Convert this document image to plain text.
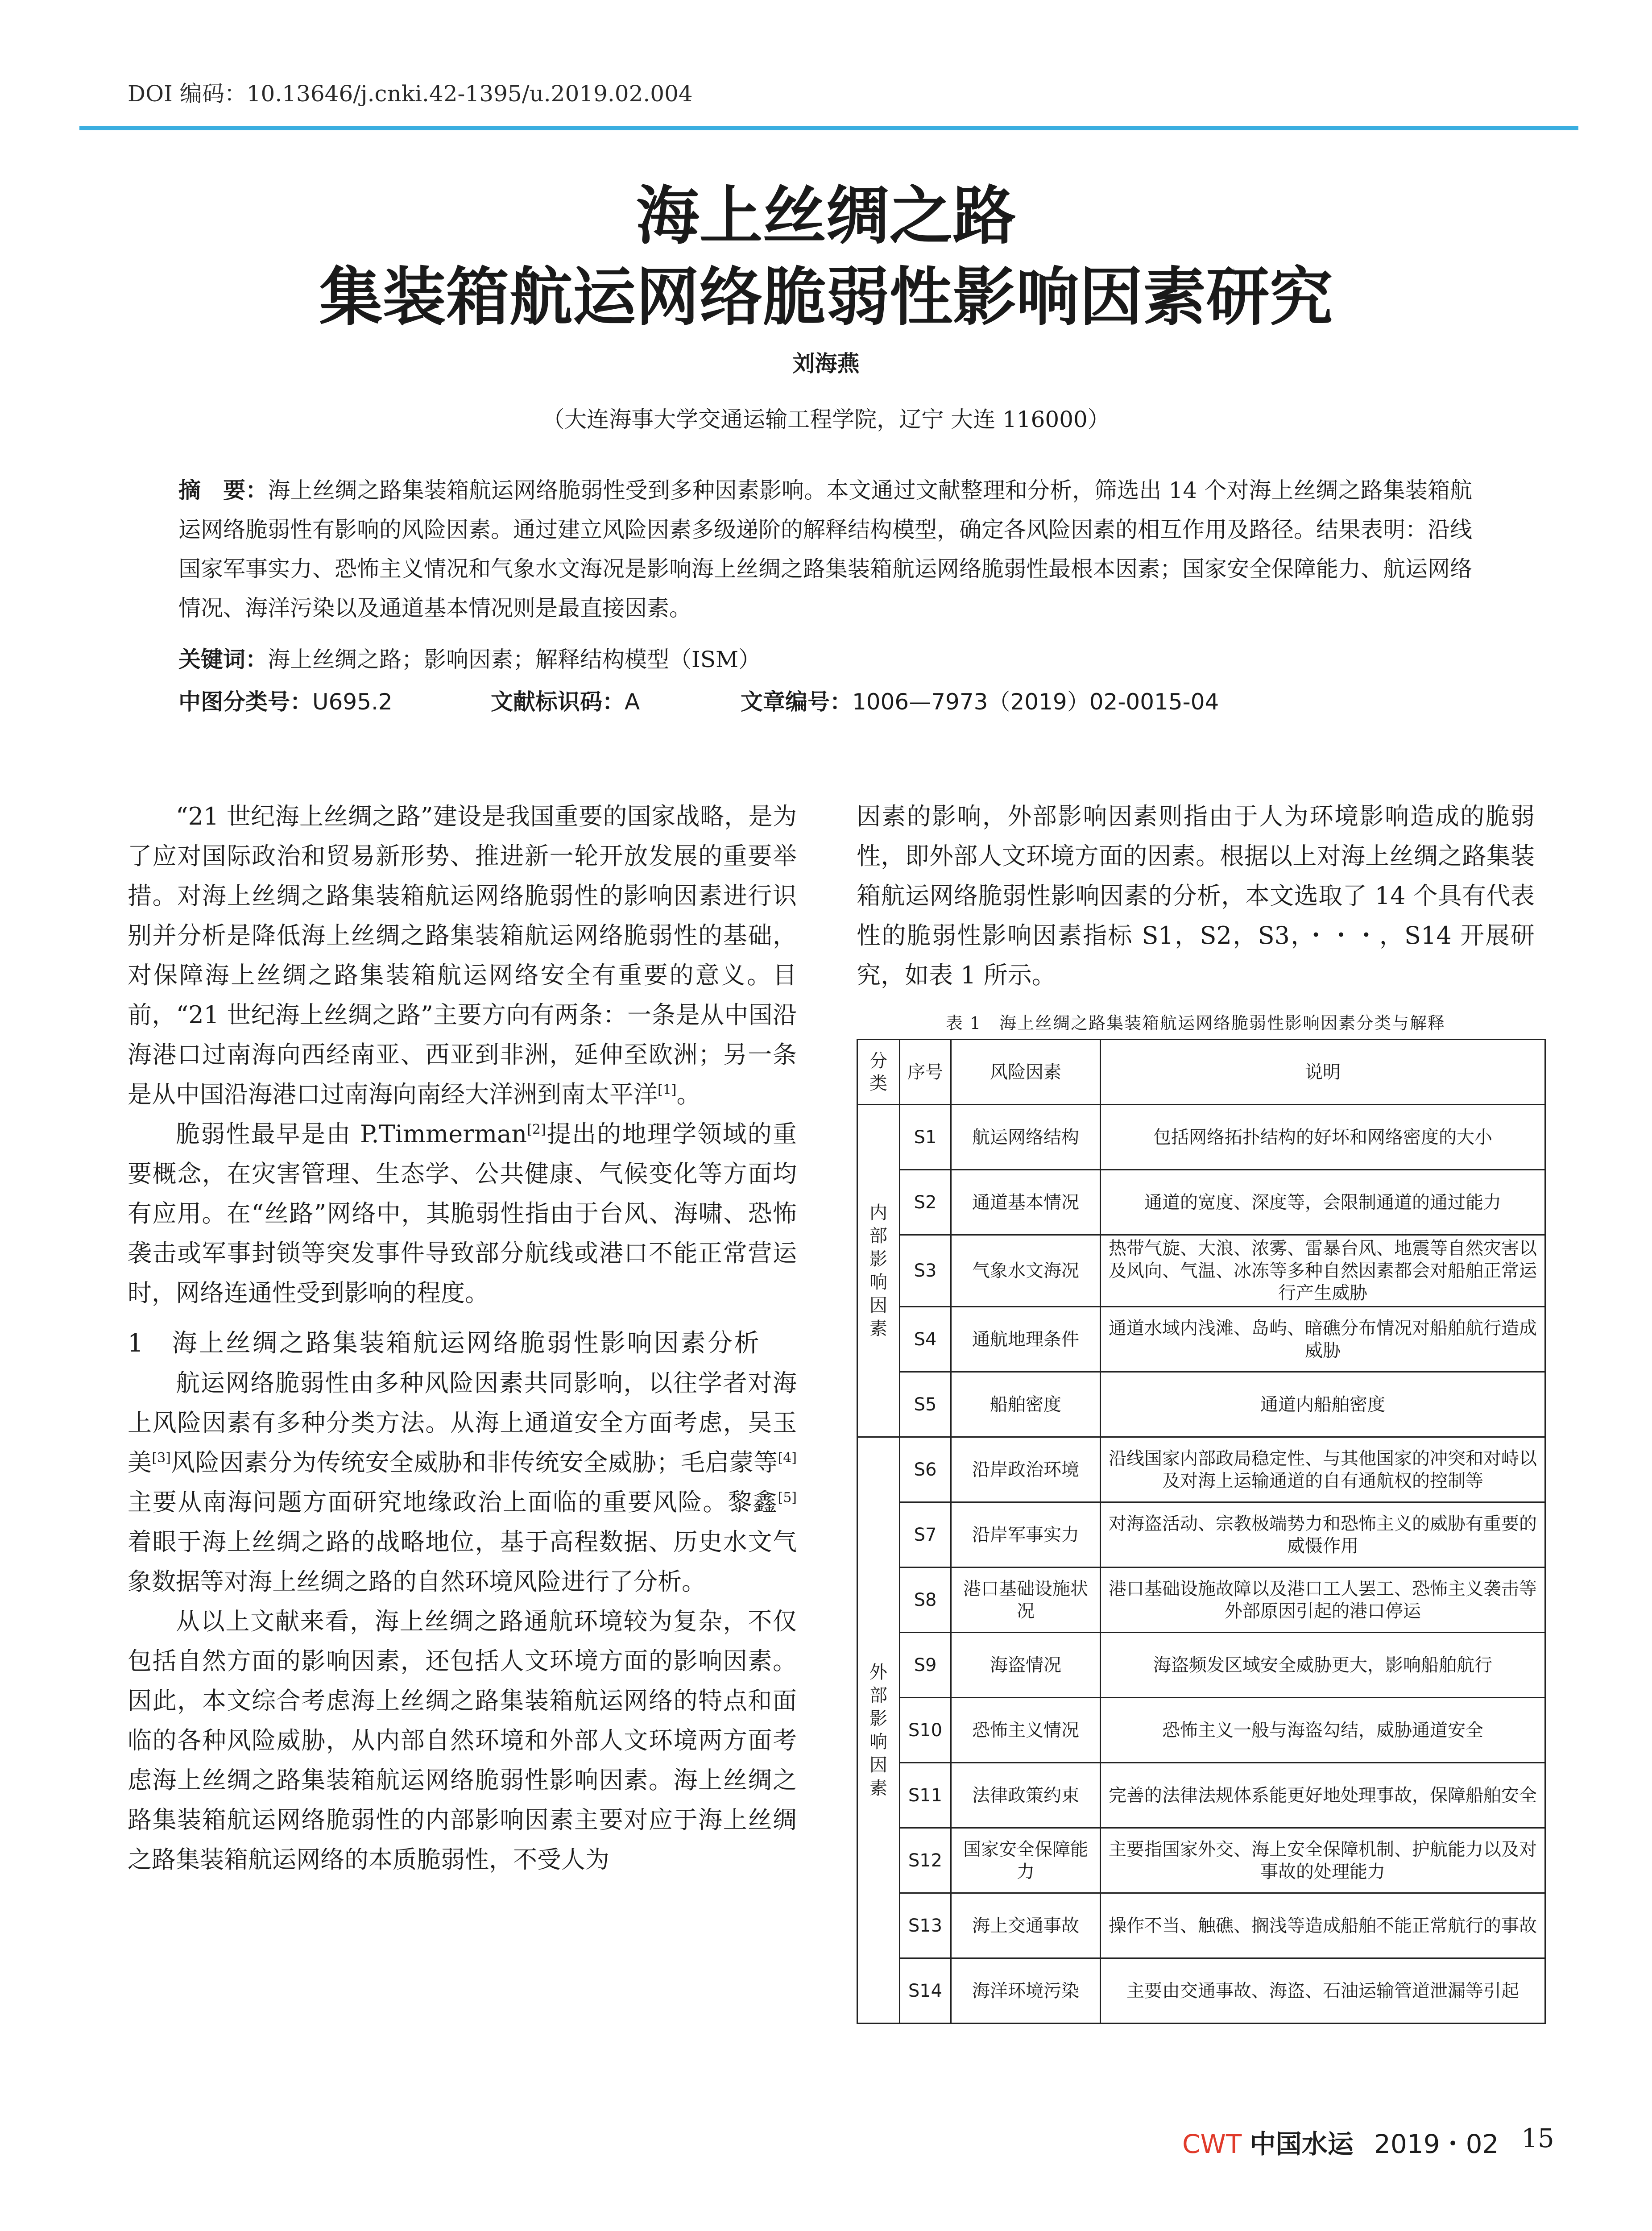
DOI 编码：10.13646/j.cnki.42-1395/u.2019.02.004
海上丝绸之路
集装箱航运网络脆弱性影响因素研究
刘海燕
（大连海事大学交通运输工程学院，辽宁 大连 116000）
摘　要：海上丝绸之路集装箱航运网络脆弱性受到多种因素影响。本文通过文献整理和分析，筛选出 14 个对海上丝绸之路集装箱航运网络脆弱性有影响的风险因素。通过建立风险因素多级递阶的解释结构模型，确定各风险因素的相互作用及路径。结果表明：沿线国家军事实力、恐怖主义情况和气象水文海况是影响海上丝绸之路集装箱航运网络脆弱性最根本因素；国家安全保障能力、航运网络情况、海洋污染以及通道基本情况则是最直接因素。
关键词：海上丝绸之路；影响因素；解释结构模型（ISM）
中图分类号：U695.2	文献标识码：A	文章编号：1006—7973（2019）02-0015-04

“21 世纪海上丝绸之路”建设是我国重要的国家战略，是为了应对国际政治和贸易新形势、推进新一轮开放发展的重要举措。对海上丝绸之路集装箱航运网络脆弱性的影响因素进行识别并分析是降低海上丝绸之路集装箱航运网络脆弱性的基础，对保障海上丝绸之路集装箱航运网络安全有重要的意义。目前，“21 世纪海上丝绸之路”主要方向有两条：一条是从中国沿海港口过南海向西经南亚、西亚到非洲，延伸至欧洲；另一条是从中国沿海港口过南海向南经大洋洲到南太平洋[1]。

脆弱性最早是由 P.Timmerman[2]提出的地理学领域的重要概念，在灾害管理、生态学、公共健康、气候变化等方面均有应用。在“丝路”网络中，其脆弱性指由于台风、海啸、恐怖袭击或军事封锁等突发事件导致部分航线或港口不能正常营运时，网络连通性受到影响的程度。

1　海上丝绸之路集装箱航运网络脆弱性影响因素分析

航运网络脆弱性由多种风险因素共同影响，以往学者对海上风险因素有多种分类方法。从海上通道安全方面考虑，吴玉美[3]风险因素分为传统安全威胁和非传统安全威胁；毛启蒙等[4]主要从南海问题方面研究地缘政治上面临的重要风险。黎鑫[5]着眼于海上丝绸之路的战略地位，基于高程数据、历史水文气象数据等对海上丝绸之路的自然环境风险进行了分析。

从以上文献来看，海上丝绸之路通航环境较为复杂，不仅包括自然方面的影响因素，还包括人文环境方面的影响因素。因此，本文综合考虑海上丝绸之路集装箱航运网络的特点和面临的各种风险威胁，从内部自然环境和外部人文环境两方面考虑海上丝绸之路集装箱航运网络脆弱性影响因素。海上丝绸之路集装箱航运网络脆弱性的内部影响因素主要对应于海上丝绸之路集装箱航运网络的本质脆弱性，不受人为

因素的影响，外部影响因素则指由于人为环境影响造成的脆弱性，即外部人文环境方面的因素。根据以上对海上丝绸之路集装箱航运网络脆弱性影响因素的分析，本文选取了 14 个具有代表性的脆弱性影响因素指标 S1，S2，S3，・・・，S14 开展研究，如表 1 所示。

表 1　海上丝绸之路集装箱航运网络脆弱性影响因素分类与解释
分类	序号	风险因素	说明
内部影响因素	S1	航运网络结构	包括网络拓扑结构的好坏和网络密度的大小
	S2	通道基本情况	通道的宽度、深度等，会限制通道的通过能力
	S3	气象水文海况	热带气旋、大浪、浓雾、雷暴台风、地震等自然灾害以及风向、气温、冰冻等多种自然因素都会对船舶正常运行产生威胁
	S4	通航地理条件	通道水域内浅滩、岛屿、暗礁分布情况对船舶航行造成威胁
	S5	船舶密度	通道内船舶密度
外部影响因素	S6	沿岸政治环境	沿线国家内部政局稳定性、与其他国家的冲突和对峙以及对海上运输通道的自有通航权的控制等
	S7	沿岸军事实力	对海盗活动、宗教极端势力和恐怖主义的威胁有重要的威慑作用
	S8	港口基础设施状况	港口基础设施故障以及港口工人罢工、恐怖主义袭击等外部原因引起的港口停运
	S9	海盗情况	海盗频发区域安全威胁更大，影响船舶航行
	S10	恐怖主义情况	恐怖主义一般与海盗勾结，威胁通道安全
	S11	法律政策约束	完善的法律法规体系能更好地处理事故，保障船舶安全
	S12	国家安全保障能力	主要指国家外交、海上安全保障机制、护航能力以及对事故的处理能力
	S13	海上交通事故	操作不当、触礁、搁浅等造成船舶不能正常航行的事故
	S14	海洋环境污染	主要由交通事故、海盗、石油运输管道泄漏等引起
CWT 中国水运 2019・02 15
